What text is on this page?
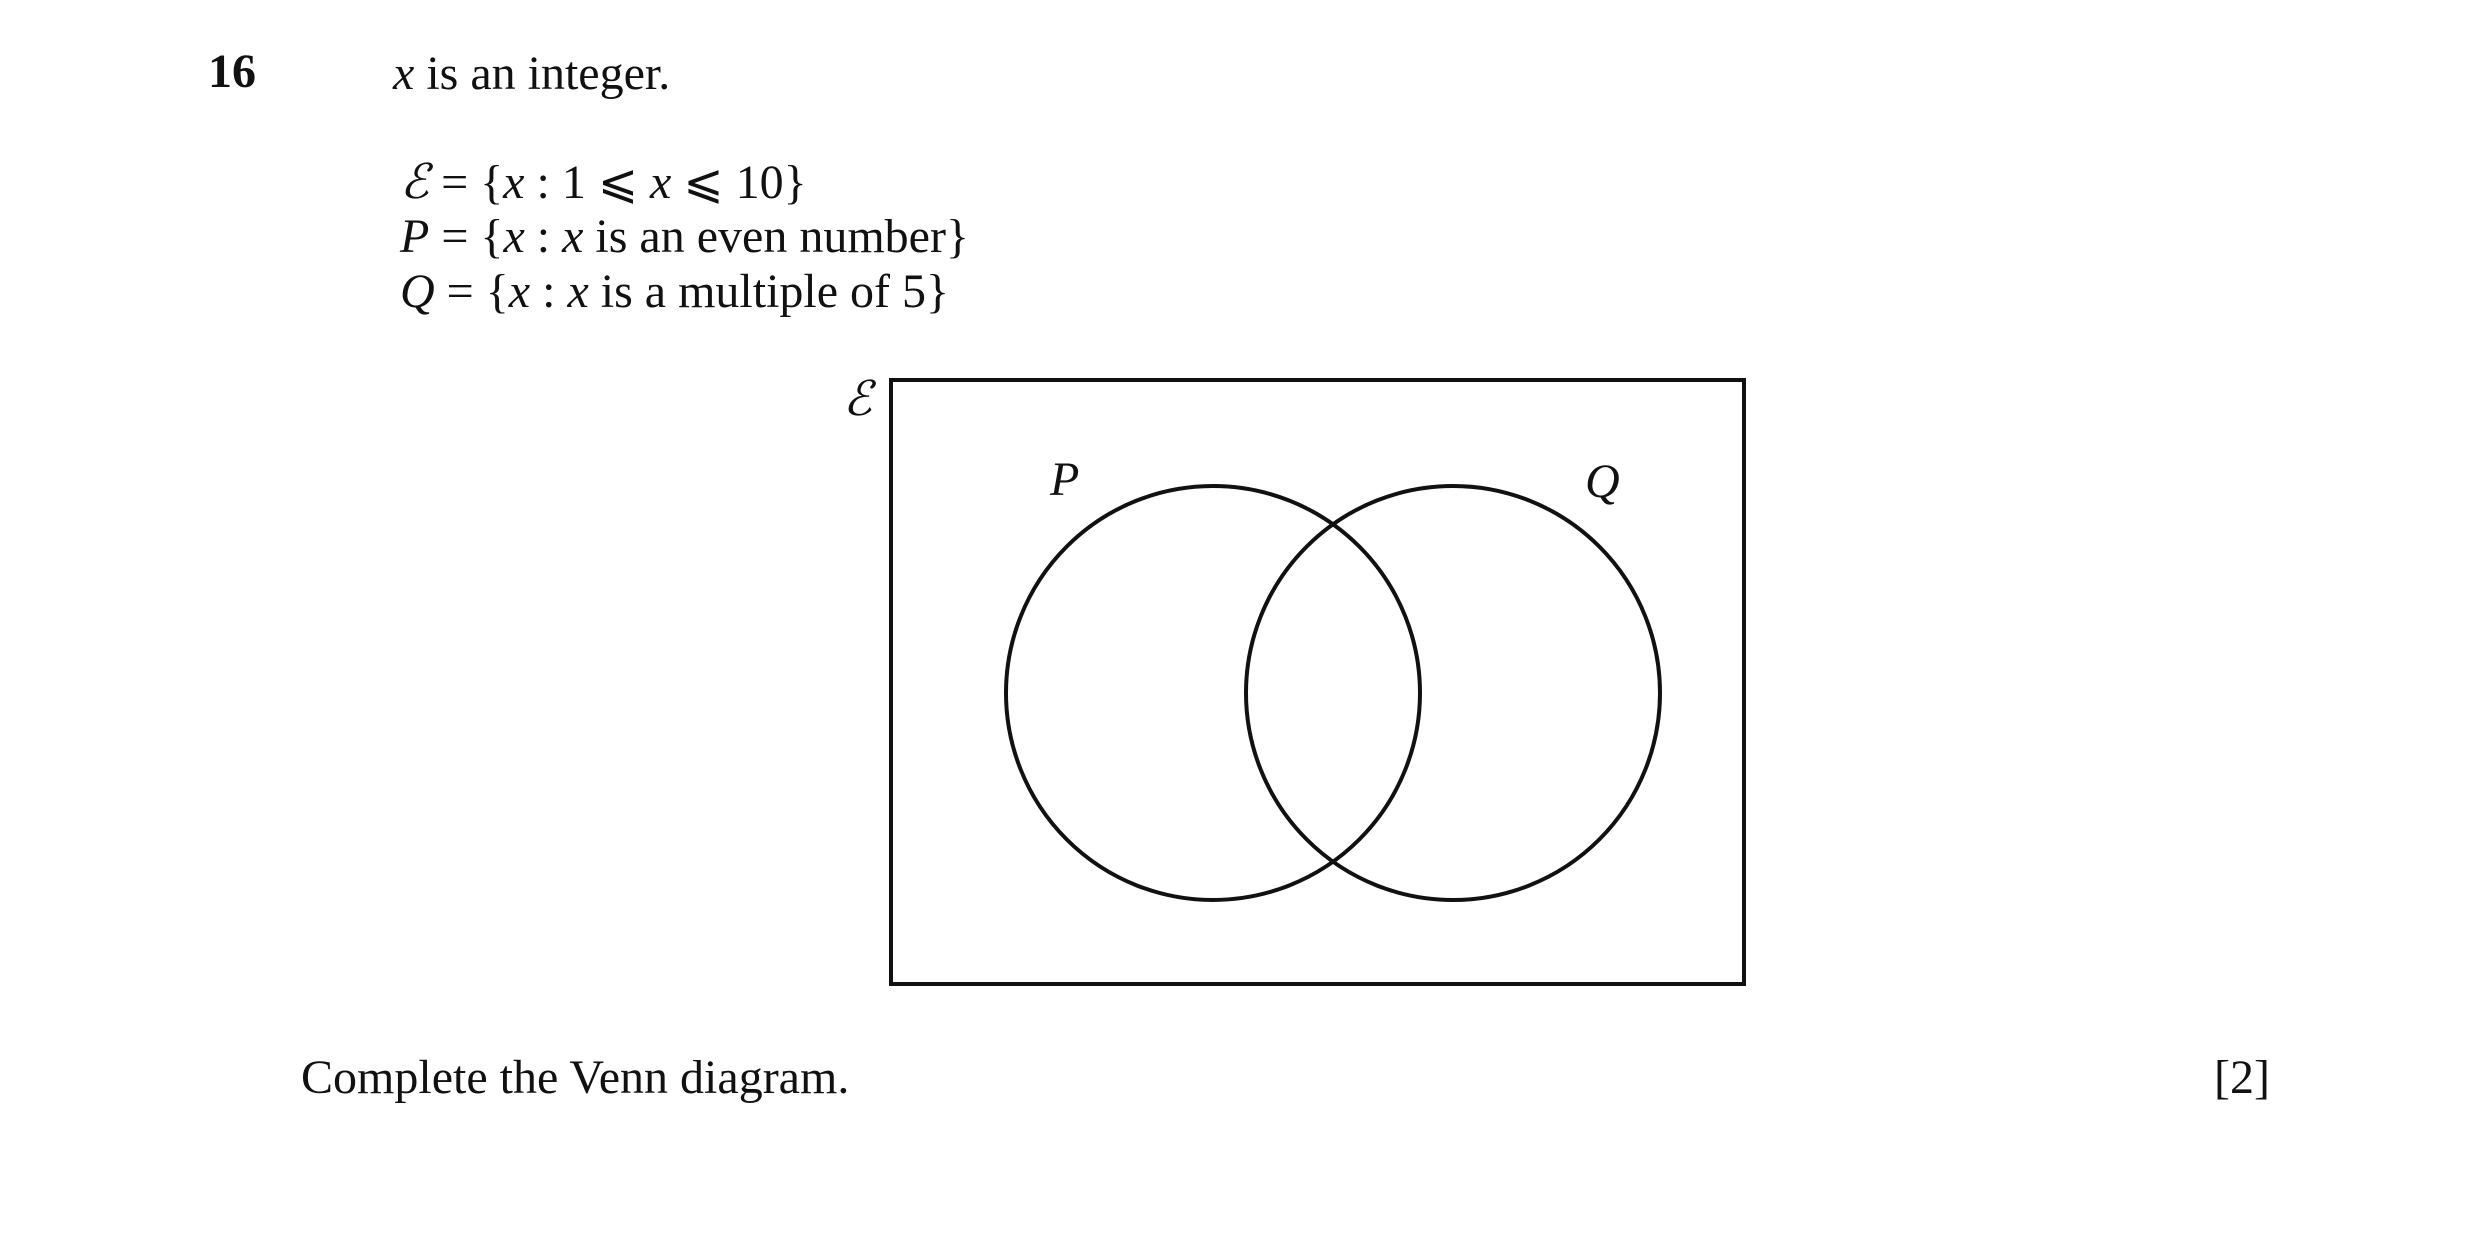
16	x is an integer.
ℰ = {x : 1 ⩽ x ⩽ 10}
P = {x : x is an even number}
Q = {x : x is a multiple of 5}
ℰ
P	Q
Complete the Venn diagram.	[2]
